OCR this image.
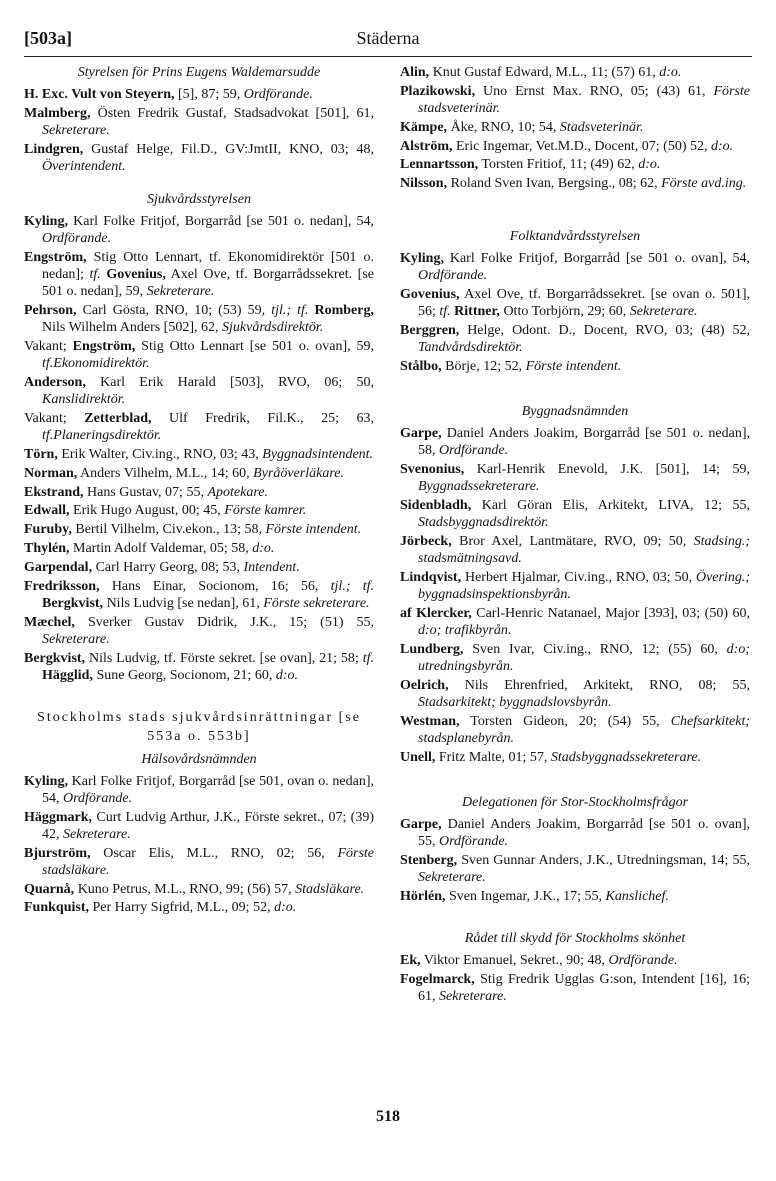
[503a]	Städerna
Styrelsen för Prins Eugens Waldemarsudde

H. Exc. Vult von Steyern, [5], 87; 59, Ordförande.

Malmberg, Östen Fredrik Gustaf, Stadsadvokat [501], 61, Sekreterare.

Lindgren, Gustaf Helge, Fil.D., GV:JmtII, KNO, 03; 48, Överintendent.

Sjukvårdsstyrelsen

Kyling, Karl Folke Fritjof, Borgarråd [se 501 o. nedan], 54, Ordförande.

Engström, Stig Otto Lennart, tf. Ekonomidirektör [501 o. nedan]; tf. Govenius, Axel Ove, tf. Borgarrådssekret. [se 501 o. nedan], 59, Sekreterare.

Pehrson, Carl Gösta, RNO, 10; (53) 59, tjl.; tf. Romberg, Nils Wilhelm Anders [502], 62, Sjukvårdsdirektör.

Vakant; Engström, Stig Otto Lennart [se 501 o. ovan], 59, tf.Ekonomidirektör.

Anderson, Karl Erik Harald [503], RVO, 06; 50, Kanslidirektör.

Vakant; Zetterblad, Ulf Fredrik, Fil.K., 25; 63, tf.Planeringsdirektör.

Törn, Erik Walter, Civ.ing., RNO, 03; 43, Byggnadsintendent.

Norman, Anders Vilhelm, M.L., 14; 60, Byråöverläkare.

Ekstrand, Hans Gustav, 07; 55, Apotekare.

Edwall, Erik Hugo August, 00; 45, Förste kamrer.

Furuby, Bertil Vilhelm, Civ.ekon., 13; 58, Förste intendent.

Thylén, Martin Adolf Valdemar, 05; 58, d:o.

Garpendal, Carl Harry Georg, 08; 53, Intendent.

Fredriksson, Hans Einar, Socionom, 16; 56, tjl.; tf. Bergkvist, Nils Ludvig [se nedan], 61, Förste sekreterare.

Mæchel, Sverker Gustav Didrik, J.K., 15; (51) 55, Sekreterare.

Bergkvist, Nils Ludvig, tf. Förste sekret. [se ovan], 21; 58; tf. Hägglid, Sune Georg, Socionom, 21; 60, d:o.

Stockholms stads sjukvårdsinrättningar [se 553a o. 553b]
Hälsovårdsnämnden

Kyling, Karl Folke Fritjof, Borgarråd [se 501, ovan o. nedan], 54, Ordförande.

Häggmark, Curt Ludvig Arthur, J.K., Förste sekret., 07; (39) 42, Sekreterare.

Bjurström, Oscar Elis, M.L., RNO, 02; 56, Förste stadsläkare.

Quarnå, Kuno Petrus, M.L., RNO, 99; (56) 57, Stadsläkare.

Funkquist, Per Harry Sigfrid, M.L., 09; 52, d:o.

Alin, Knut Gustaf Edward, M.L., 11; (57) 61, d:o.

Plazikowski, Uno Ernst Max. RNO, 05; (43) 61, Förste stadsveterinär.

Kämpe, Åke, RNO, 10; 54, Stadsveterinär.

Alström, Eric Ingemar, Vet.M.D., Docent, 07; (50) 52, d:o.

Lennartsson, Torsten Fritiof, 11; (49) 62, d:o.

Nilsson, Roland Sven Ivan, Bergsing., 08; 62, Förste avd.ing.

Folktandvårdsstyrelsen

Kyling, Karl Folke Fritjof, Borgarråd [se 501 o. ovan], 54, Ordförande.

Govenius, Axel Ove, tf. Borgarrådssekret. [se ovan o. 501], 56; tf. Rittner, Otto Torbjörn, 29; 60, Sekreterare.

Berggren, Helge, Odont. D., Docent, RVO, 03; (48) 52, Tandvårdsdirektör.

Stålbo, Börje, 12; 52, Förste intendent.

Byggnadsnämnden

Garpe, Daniel Anders Joakim, Borgarråd [se 501 o. nedan], 58, Ordförande.

Svenonius, Karl-Henrik Enevold, J.K. [501], 14; 59, Byggnadssekreterare.

Sidenbladh, Karl Göran Elis, Arkitekt, LIVA, 12; 55, Stadsbyggnadsdirektör.

Jörbeck, Bror Axel, Lantmätare, RVO, 09; 50, Stadsing.; stadsmätningsavd.

Lindqvist, Herbert Hjalmar, Civ.ing., RNO, 03; 50, Övering.; byggnadsinspektionsbyrån.

af Klercker, Carl-Henric Natanael, Major [393], 03; (50) 60, d:o; trafikbyrån.

Lundberg, Sven Ivar, Civ.ing., RNO, 12; (55) 60, d:o; utredningsbyrån.

Oelrich, Nils Ehrenfried, Arkitekt, RNO, 08; 55, Stadsarkitekt; byggnadslovsbyrån.

Westman, Torsten Gideon, 20; (54) 55, Chefsarkitekt; stadsplanebyrån.

Unell, Fritz Malte, 01; 57, Stadsbyggnadssekreterare.

Delegationen för Stor-Stockholmsfrågor

Garpe, Daniel Anders Joakim, Borgarråd [se 501 o. ovan], 55, Ordförande.

Stenberg, Sven Gunnar Anders, J.K., Utredningsman, 14; 55, Sekreterare.

Hörlén, Sven Ingemar, J.K., 17; 55, Kanslichef.

Rådet till skydd för Stockholms skönhet

Ek, Viktor Emanuel, Sekret., 90; 48, Ordförande.

Fogelmarck, Stig Fredrik Ugglas G:son, Intendent [16], 16; 61, Sekreterare.

518
